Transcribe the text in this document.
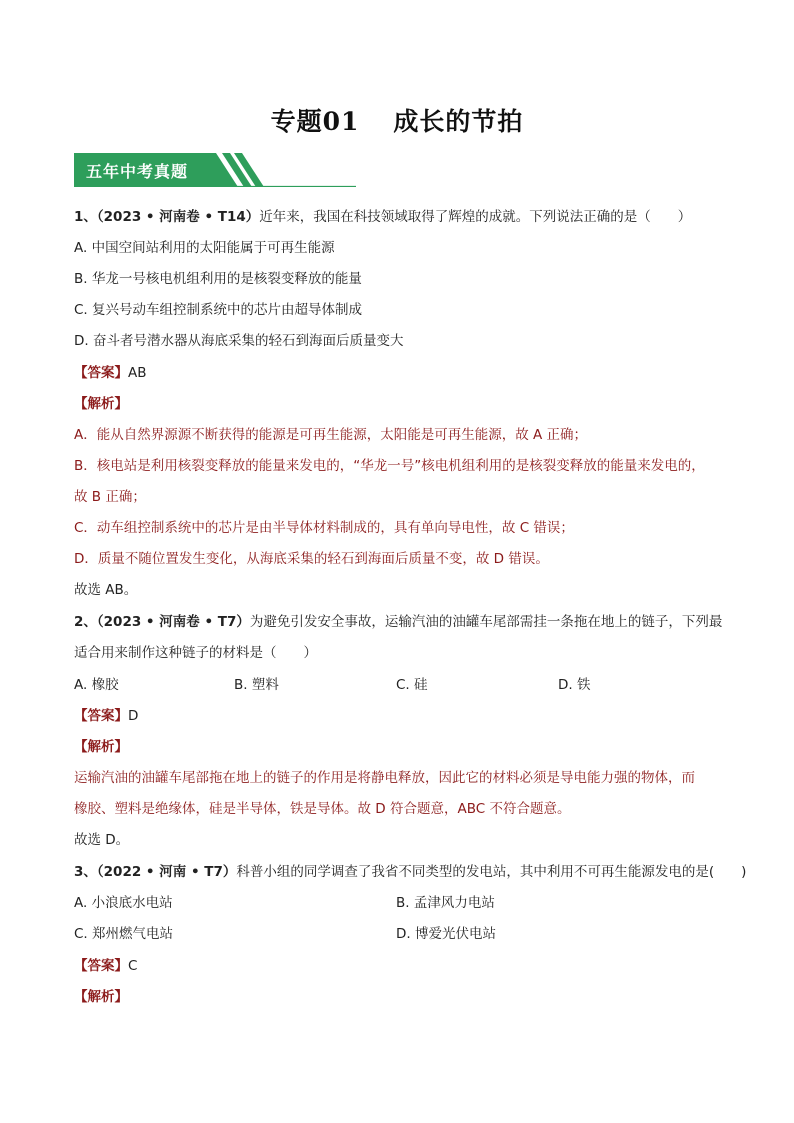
专题01 成长的节拍
五年中考真题
1、（2023 • 河南卷 • T14）近年来，我国在科技领域取得了辉煌的成就。下列说法正确的是（　　）
A. 中国空间站利用的太阳能属于可再生能源
B. 华龙一号核电机组利用的是核裂变释放的能量
C. 复兴号动车组控制系统中的芯片由超导体制成
D. 奋斗者号潜水器从海底采集的轻石到海面后质量变大
【答案】AB
【解析】
A．能从自然界源源不断获得的能源是可再生能源，太阳能是可再生能源，故 A 正确；
B．核电站是利用核裂变释放的能量来发电的，“华龙一号”核电机组利用的是核裂变释放的能量来发电的，
故 B 正确；
C．动车组控制系统中的芯片是由半导体材料制成的，具有单向导电性，故 C 错误；
D．质量不随位置发生变化，从海底采集的轻石到海面后质量不变，故 D 错误。
故选 AB。
2、（2023 • 河南卷 • T7）为避免引发安全事故，运输汽油的油罐车尾部需挂一条拖在地上的链子，下列最
适合用来制作这种链子的材料是（　　）
A. 橡胶	B. 塑料	C. 硅	D. 铁
【答案】D
【解析】
运输汽油的油罐车尾部拖在地上的链子的作用是将静电释放，因此它的材料必须是导电能力强的物体，而
橡胶、塑料是绝缘体，硅是半导体，铁是导体。故 D 符合题意，ABC 不符合题意。
故选 D。
3、（2022 • 河南 • T7）科普小组的同学调查了我省不同类型的发电站，其中利用不可再生能源发电的是(　　)
A. 小浪底水电站	B. 孟津风力电站
C. 郑州燃气电站	D. 博爱光伏电站
【答案】C
【解析】
